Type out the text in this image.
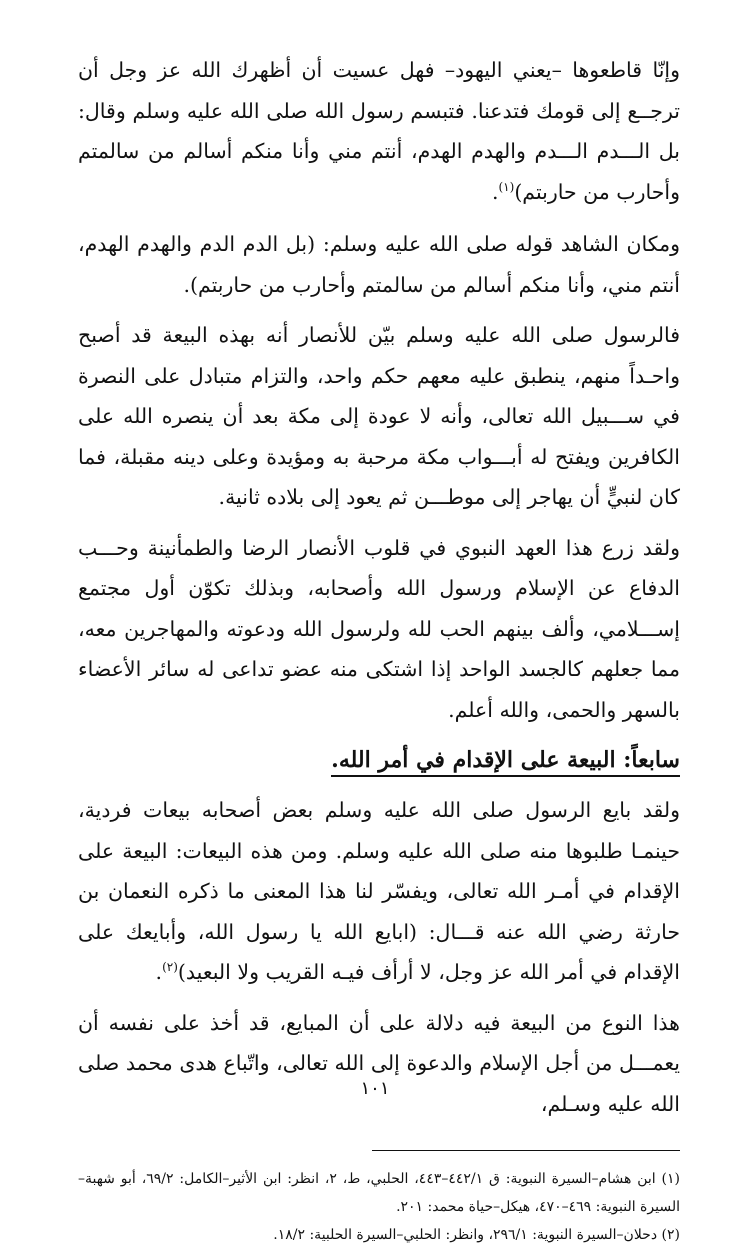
وإنّا قاطعوها –يعني اليهود– فهل عسيت أن أظهرك الله عز وجل أن ترجــع إلى قومك فتدعنا. فتبسم رسول الله صلى الله عليه وسلم وقال: بل الـــدم الـــدم والهدم الهدم، أنتم مني وأنا منكم أسالم من سالمتم وأحارب من حاربتم)$^{(١)}$.

ومكان الشاهد قوله صلى الله عليه وسلم: (بل الدم الدم والهدم الهدم، أنتم مني، وأنا منكم أسالم من سالمتم وأحارب من حاربتم).

فالرسول صلى الله عليه وسلم بيّن للأنصار أنه بهذه البيعة قد أصبح واحـداً منهم، ينطبق عليه معهم حكم واحد، والتزام متبادل على النصرة في ســـبيل الله تعالى، وأنه لا عودة إلى مكة بعد أن ينصره الله على الكافرين ويفتح له أبـــواب مكة مرحبة به ومؤيدة وعلى دينه مقبلة، فما كان لنبيٍّ أن يهاجر إلى موطـــن ثم يعود إلى بلاده ثانية.

ولقد زرع هذا العهد النبوي في قلوب الأنصار الرضا والطمأنينة وحـــب الدفاع عن الإسلام ورسول الله وأصحابه، وبذلك تكوّن أول مجتمع إســـلامي، وألف بينهم الحب لله ولرسول الله ودعوته والمهاجرين معه، مما جعلهم كالجسد الواحد إذا اشتكى منه عضو تداعى له سائر الأعضاء بالسهر والحمى، والله أعلم.

سابعاً: البيعة على الإقدام في أمر الله.

ولقد بايع الرسول صلى الله عليه وسلم بعض أصحابه بيعات فردية، حينمـا طلبوها منه صلى الله عليه وسلم. ومن هذه البيعات: البيعة على الإقدام في أمـر الله تعالى، ويفسّر لنا هذا المعنى ما ذكره النعمان بن حارثة رضي الله عنه قـــال: (ابايع الله يا رسول الله، وأبايعك على الإقدام في أمر الله عز وجل، لا أرأف فيـه القريب ولا البعيد)$^{(٢)}$.

هذا النوع من البيعة فيه دلالة على أن المبايع، قد أخذ على نفسه أن يعمـــل من أجل الإسلام والدعوة إلى الله تعالى، واتّباع هدى محمد صلى الله عليه وسـلم،

(١) ابن هشام–السيرة النبوية: ق ٤٤٢/١–٤٤٣، الحلبي، ط، ٢، انظر: ابن الأثير–الكامل: ٦٩/٢، أبو شهبة–السيرة النبوية: ٤٦٩–٤٧٠، هيكل–حياة محمد: ٢٠١.

(٢) دحلان–السيرة النبوية: ٢٩٦/١، وانظر: الحلبي–السيرة الحلبية: ١٨/٢.

١٠١
